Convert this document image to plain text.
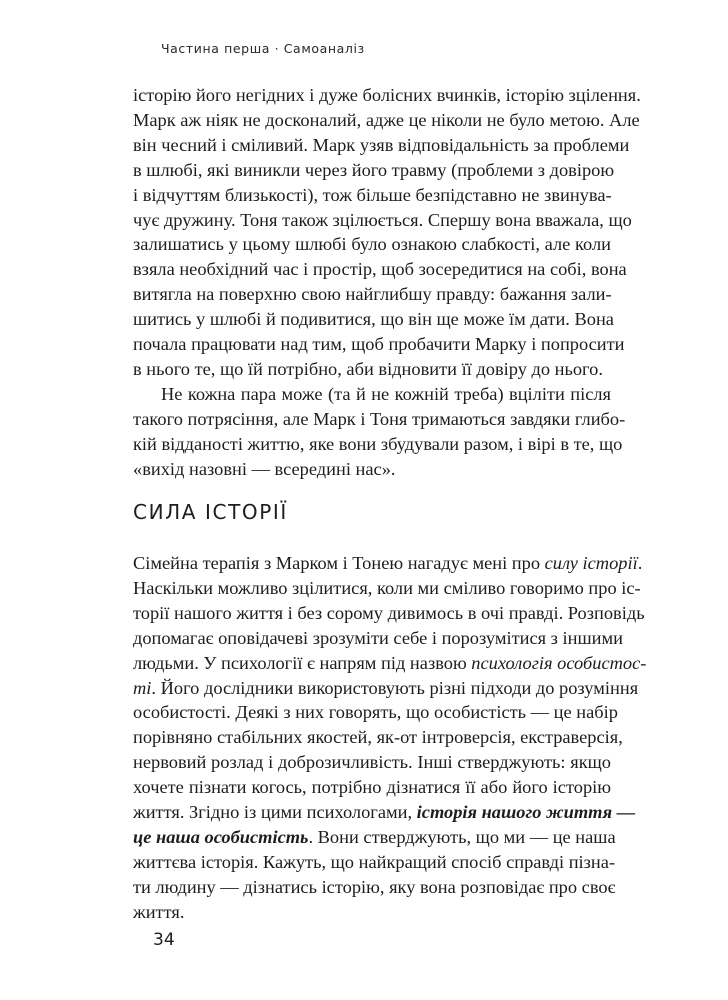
Частина перша · Самоаналіз
історію його негідних і дуже болісних вчинків, історію зцілення.
Марк аж ніяк не досконалий, адже це ніколи не було метою. Але
він чесний і сміливий. Марк узяв відповідальність за проблеми
в шлюбі, які виникли через його травму (проблеми з довірою
і відчуттям близькості), тож більше безпідставно не звинува-
чує дружину. Тоня також зцілюється. Спершу вона вважала, що
залишатись у цьому шлюбі було ознакою слабкості, але коли
взяла необхідний час і простір, щоб зосередитися на собі, вона
витягла на поверхню свою найглибшу правду: бажання зали-
шитись у шлюбі й подивитися, що він ще може їм дати. Вона
почала працювати над тим, щоб пробачити Марку і попросити
в нього те, що їй потрібно, аби відновити її довіру до нього.
Не кожна пара може (та й не кожній треба) вціліти після
такого потрясіння, але Марк і Тоня тримаються завдяки глибо-
кій відданості життю, яке вони збудували разом, і вірі в те, що
«вихід назовні — всередині нас».
СИЛА ІСТОРІЇ
Сімейна терапія з Марком і Тонею нагадує мені про силу історії.
Наскільки можливо зцілитися, коли ми сміливо говоримо про іс-
торії нашого життя і без сорому дивимось в очі правді. Розповідь
допомагає оповідачеві зрозуміти себе і порозумітися з іншими
людьми. У психології є напрям під назвою психологія особистос-
ті. Його дослідники використовують різні підходи до розуміння
особистості. Деякі з них говорять, що особистість — це набір
порівняно стабільних якостей, як-от інтроверсія, екстраверсія,
нервовий розлад і доброзичливість. Інші стверджують: якщо
хочете пізнати когось, потрібно дізнатися її або його історію
життя. Згідно із цими психологами, історія нашого життя —
це наша особистість. Вони стверджують, що ми — це наша
життєва історія. Кажуть, що найкращий спосіб справді пізна-
ти людину — дізнатись історію, яку вона розповідає про своє
життя.
34
